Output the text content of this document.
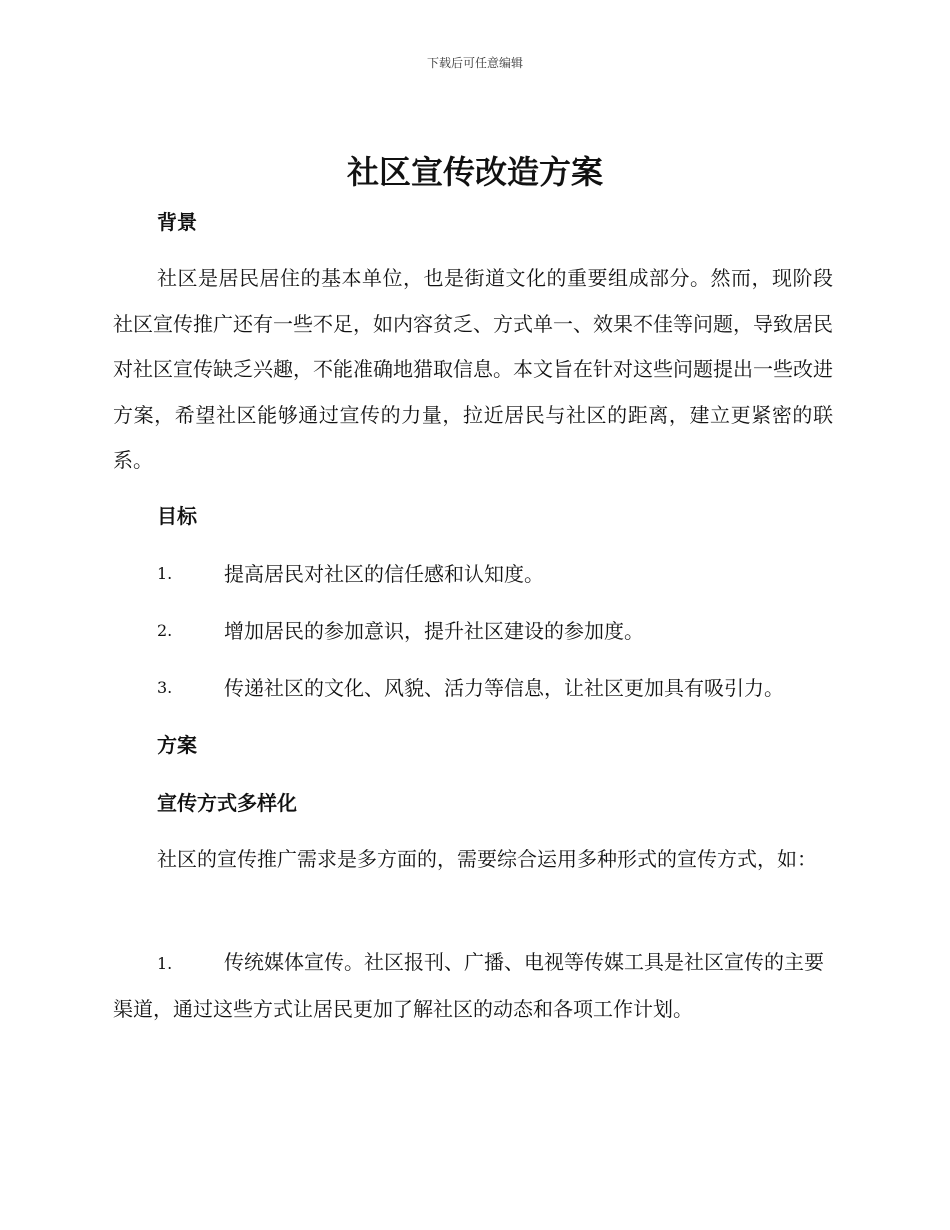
下载后可任意编辑
社区宣传改造方案
背景
社区是居民居住的基本单位，也是街道文化的重要组成部分。然而，现阶段社区宣传推广还有一些不足，如内容贫乏、方式单一、效果不佳等问题，导致居民对社区宣传缺乏兴趣，不能准确地猎取信息。本文旨在针对这些问题提出一些改进方案，希望社区能够通过宣传的力量，拉近居民与社区的距离，建立更紧密的联系。
目标
1.	提高居民对社区的信任感和认知度。
2.	增加居民的参加意识，提升社区建设的参加度。
3.	传递社区的文化、风貌、活力等信息，让社区更加具有吸引力。
方案
宣传方式多样化
社区的宣传推广需求是多方面的，需要综合运用多种形式的宣传方式，如：
1.	传统媒体宣传。社区报刊、广播、电视等传媒工具是社区宣传的主要渠道，通过这些方式让居民更加了解社区的动态和各项工作计划。
